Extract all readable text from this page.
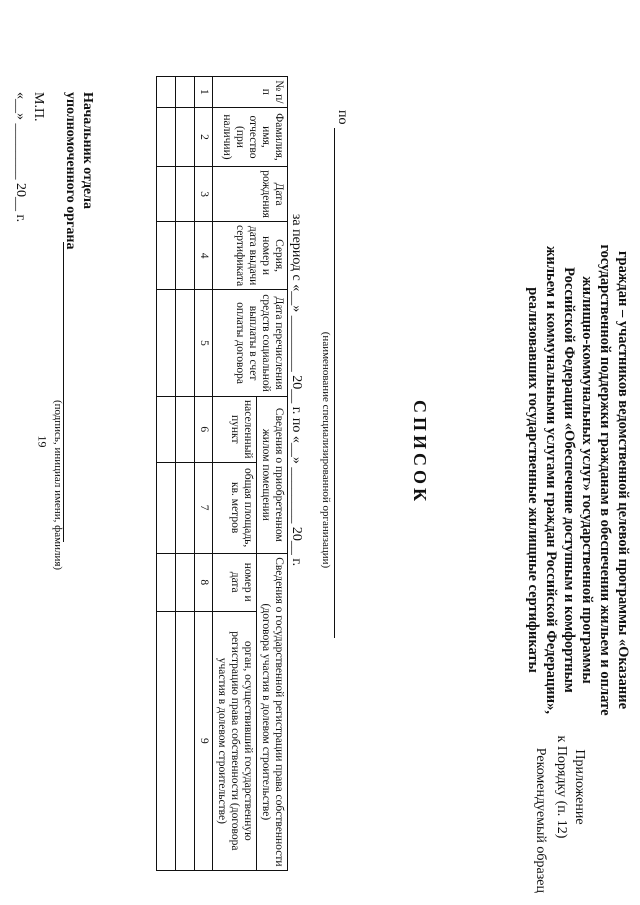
19
Приложение
к Порядку (п. 12)
Рекомендуемый образец
СПИСОК	граждан – участников ведомственной целевой программы «Оказание государственной поддержки гражданам в обеспечении жильем и оплате жилищно-коммунальных услуг» государственной программы Российской Федерации «Обеспечение доступным и комфортным жильем и коммунальными услугами граждан Российской Федерации», реализовавших государственные жилищные сертификаты
по
(наименование специализированной организации)
за период с «__» ________ 20__ г. по «__» ________ 20__ г.
№ п/п	Фамилия, имя, отчество (при наличии)	Дата рождения	Серия, номер и дата выдачи сертификата	Дата перечисления средств социальной выплаты в счет оплаты договора	Сведения о приобретенном жилом помещении		Сведения о государственной регистрации права собственности (договора участия в долевом строительстве)	
					населенный пункт	общая площадь, кв. метров	номер и дата	орган, осуществивший государственную регистрацию права собственности (договора участия в долевом строительстве)
1	2	3	4	5	6	7	8	9

Начальник отдела
уполномоченного органа
(подпись, инициал имени, фамилия)
М.П.
«__» ________ 20__ г.
